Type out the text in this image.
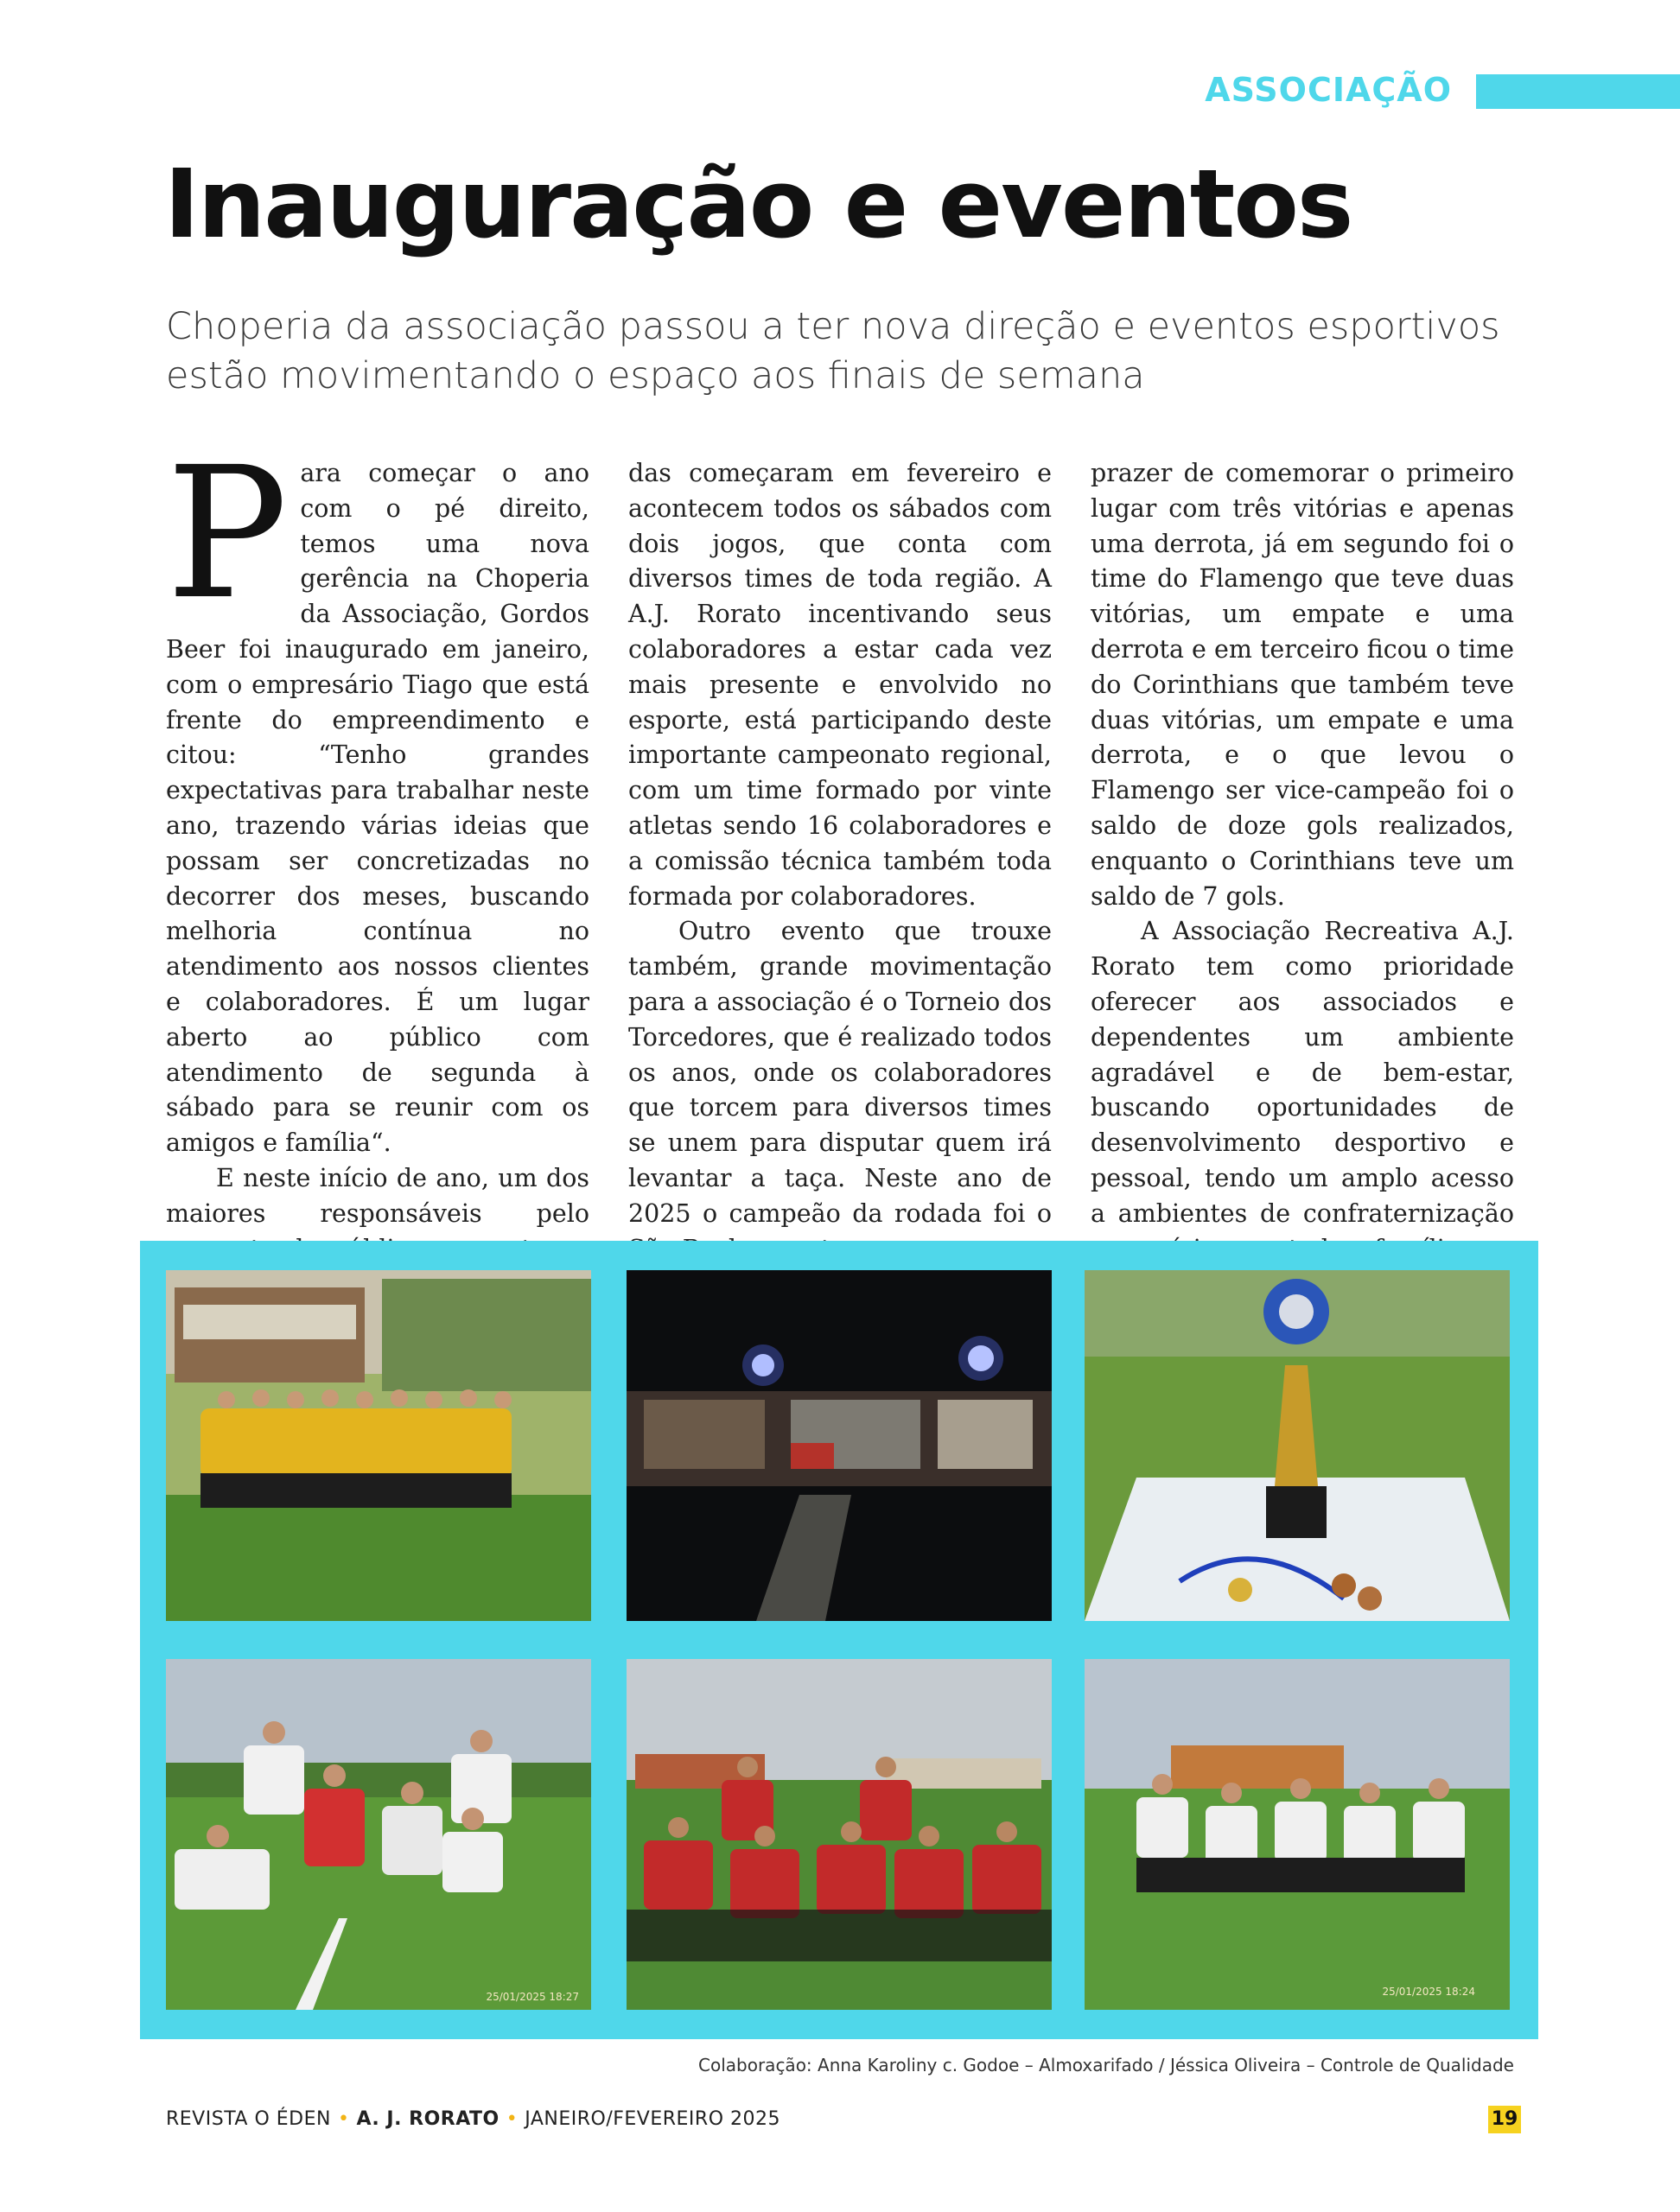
ASSOCIAÇÃO
Inauguração e eventos

Choperia da associação passou a ter nova direção e eventos esportivos estão movimentando o espaço aos finais de semana

P ara começar o ano com o pé direito, temos uma nova gerência na Choperia da Associação, Gordos Beer foi inaugurado em janeiro, com o empresário Tiago que está frente do empreendimento e citou: “Tenho grandes expectativas para trabalhar neste ano, trazendo várias ideias que possam ser concretizadas no decorrer dos meses, buscando melhoria contínua no atendimento aos nossos clientes e colaboradores. É um lugar aberto ao público com atendimento de segunda à sábado para se reunir com os amigos e família“.

E neste início de ano, um dos maiores responsáveis pelo

das começaram em fevereiro e acontecem todos os sábados com dois jogos, que conta com diversos times de toda região. A A.J. Rorato incentivando seus colaboradores a estar cada vez mais presente e envolvido no esporte, está participando deste importante campeonato regional, com um time formado por vinte atletas sendo 16 colaboradores e a comissão técnica também toda formada por colaboradores.

Outro evento que trouxe também, grande movimentação para a associação é o Torneio dos Torcedores, que é realizado todos os anos, onde os colaboradores que torcem para diversos times se unem para disputar quem irá levantar a taça. Neste ano de 2025 o campeão da rodada foi o

prazer de comemorar o primeiro lugar com três vitórias e apenas uma derrota, já em segundo foi o time do Flamengo que teve duas vitórias, um empate e uma derrota e em terceiro ficou o time do Corinthians que também teve duas vitórias, um empate e uma derrota, e o que levou o Flamengo ser vice-campeão foi o saldo de doze gols realizados, enquanto o Corinthians teve um saldo de 7 gols.

A Associação Recreativa A.J. Rorato tem como prioridade oferecer aos associados e dependentes um ambiente agradável e de bem-estar, buscando oportunidades de desenvolvimento desportivo e pessoal, tendo um amplo acesso a ambientes de confraternização

25/01/2025 18:27	25/01/2025 18:24
Colaboração: Anna Karoliny c. Godoe – Almoxarifado / Jéssica Oliveira – Controle de Qualidade
REVISTA O ÉDEN • A. J. RORATO • JANEIRO/FEVEREIRO 2025	19
